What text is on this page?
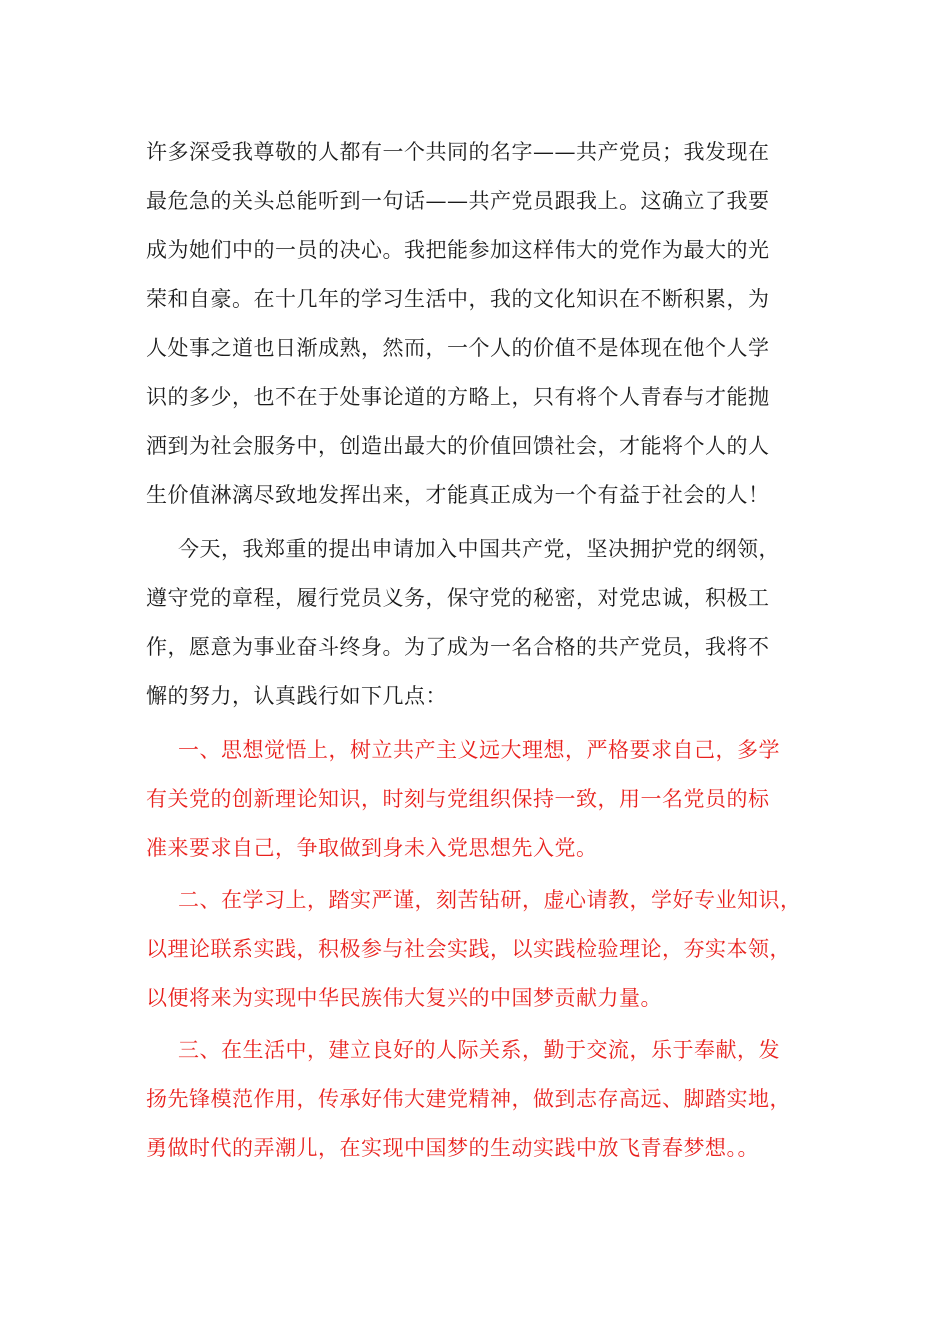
许多深受我尊敬的人都有一个共同的名字——共产党员；我发现在
最危急的关头总能听到一句话——共产党员跟我上。这确立了我要
成为她们中的一员的决心。我把能参加这样伟大的党作为最大的光
荣和自豪。在十几年的学习生活中，我的文化知识在不断积累，为
人处事之道也日渐成熟，然而，一个人的价值不是体现在他个人学
识的多少，也不在于处事论道的方略上，只有将个人青春与才能抛
洒到为社会服务中，创造出最大的价值回馈社会，才能将个人的人
生价值淋漓尽致地发挥出来，才能真正成为一个有益于社会的人！
今天，我郑重的提出申请加入中国共产党，坚决拥护党的纲领，
遵守党的章程，履行党员义务，保守党的秘密，对党忠诚，积极工
作，愿意为事业奋斗终身。为了成为一名合格的共产党员，我将不
懈的努力，认真践行如下几点：
一、思想觉悟上，树立共产主义远大理想，严格要求自己，多学
有关党的创新理论知识，时刻与党组织保持一致，用一名党员的标
准来要求自己，争取做到身未入党思想先入党。
二、在学习上，踏实严谨，刻苦钻研，虚心请教，学好专业知识，
以理论联系实践，积极参与社会实践，以实践检验理论，夯实本领，
以便将来为实现中华民族伟大复兴的中国梦贡献力量。
三、在生活中，建立良好的人际关系，勤于交流，乐于奉献，发
扬先锋模范作用，传承好伟大建党精神，做到志存高远、脚踏实地，
勇做时代的弄潮儿，在实现中国梦的生动实践中放飞青春梦想。。
